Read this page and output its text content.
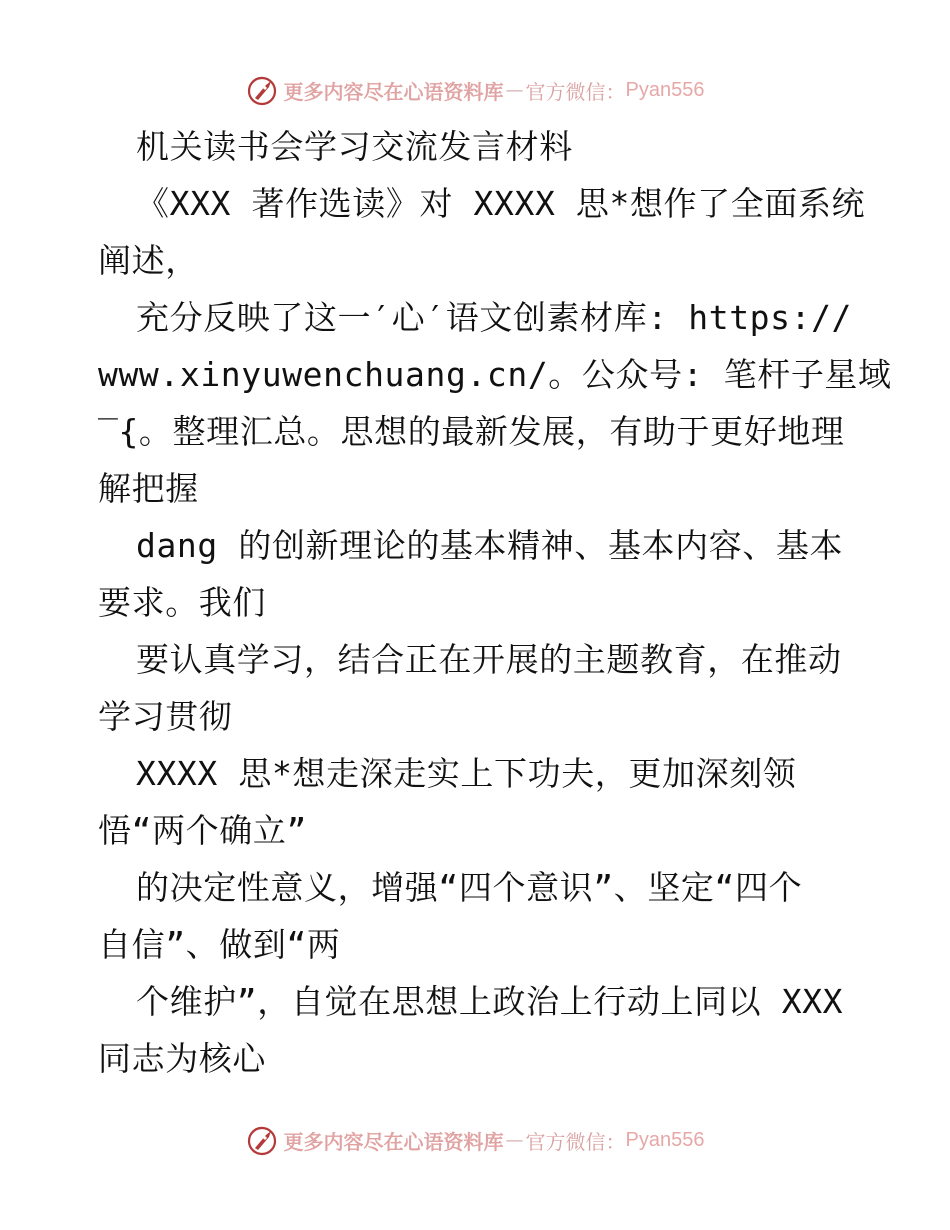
更多内容尽在心语资料库 — 官方微信： Pyan556
机关读书会学习交流发言材料
《XXX 著作选读》对 XXXX 思*想作了全面系统
阐述，
充分反映了这一′心′语文创素材库: https://
www.xinyuwenchuang.cn/。公众号: 笔杆子星域
‾{。整理汇总。思想的最新发展，有助于更好地理
解把握
dang 的创新理论的基本精神、基本内容、基本
要求。我们
要认真学习，结合正在开展的主题教育，在推动
学习贯彻
XXXX 思*想走深走实上下功夫，更加深刻领
悟“两个确立”
的决定性意义，增强“四个意识”、坚定“四个
自信”、做到“两
个维护”，自觉在思想上政治上行动上同以 XXX
同志为核心
更多内容尽在心语资料库 — 官方微信： Pyan556
